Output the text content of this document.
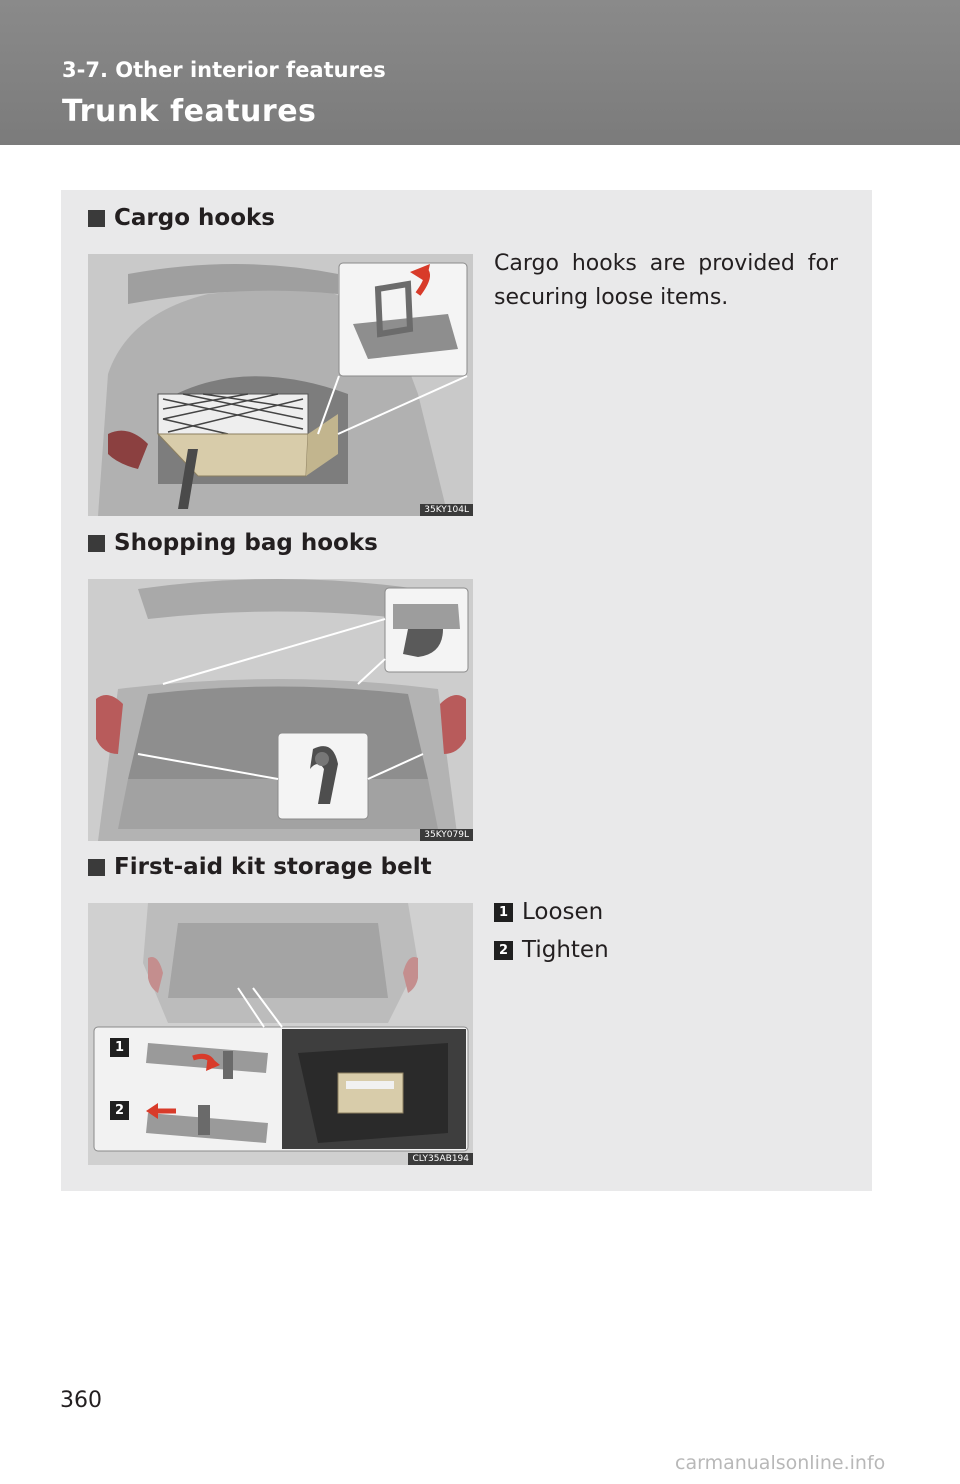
3-7. Other interior features
Trunk features
Cargo hooks
35KY104L
Cargo hooks are provided for securing loose items.
Shopping bag hooks
35KY079L
First-aid kit storage belt
1
2
CLY35AB194
1 Loosen
2 Tighten
360
carmanualsonline.info
